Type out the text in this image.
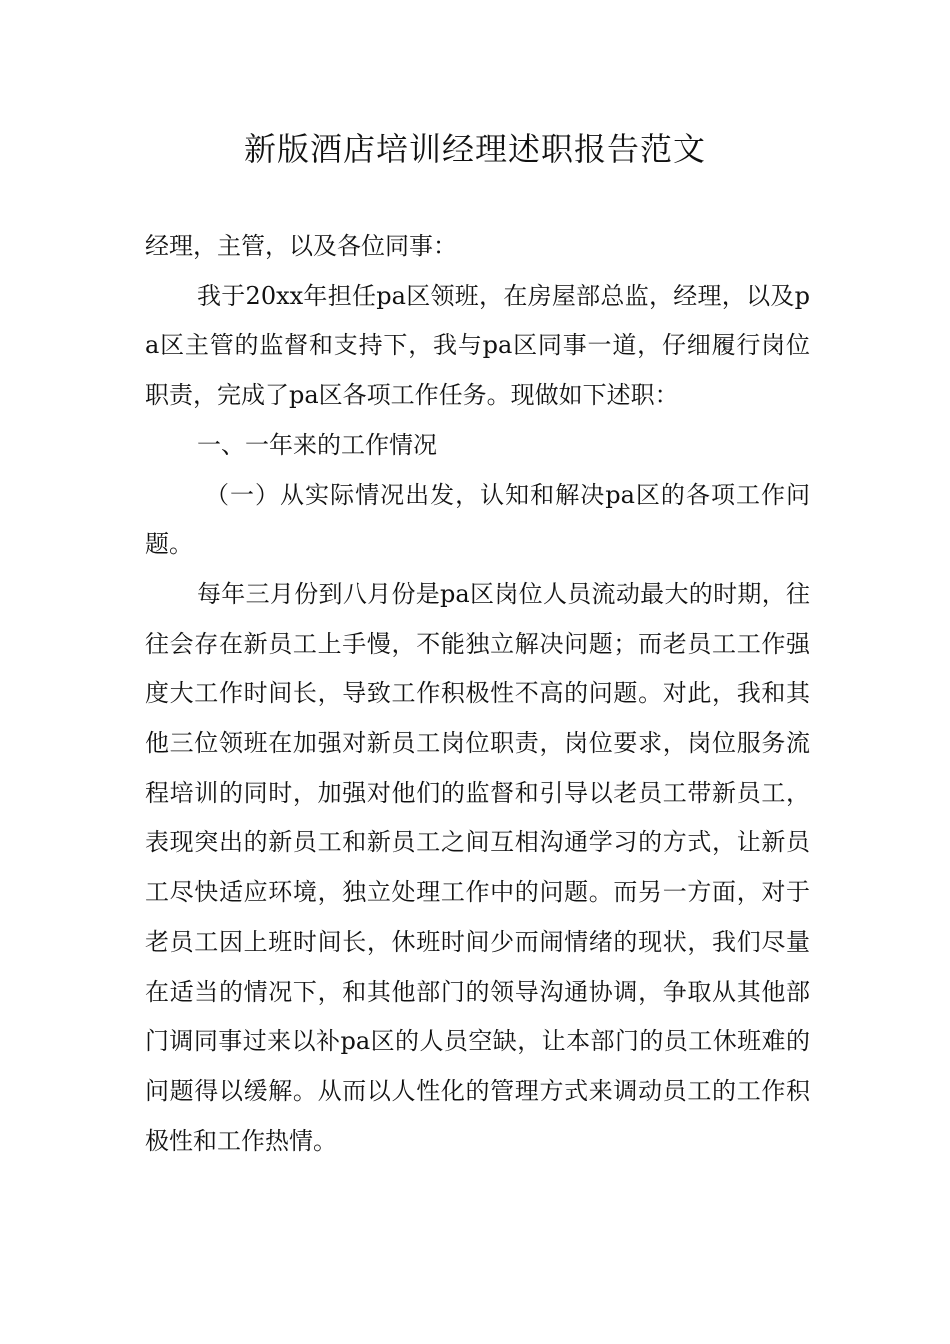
新版酒店培训经理述职报告范文

经理，主管，以及各位同事：

我于20xx年担任pa区领班，在房屋部总监，经理，以及pa区主管的监督和支持下，我与pa区同事一道，仔细履行岗位职责，完成了pa区各项工作任务。现做如下述职：

一、一年来的工作情况

（一）从实际情况出发，认知和解决pa区的各项工作问题。

每年三月份到八月份是pa区岗位人员流动最大的时期，往往会存在新员工上手慢，不能独立解决问题；而老员工工作强度大工作时间长，导致工作积极性不高的问题。对此，我和其他三位领班在加强对新员工岗位职责，岗位要求，岗位服务流程培训的同时，加强对他们的监督和引导以老员工带新员工，表现突出的新员工和新员工之间互相沟通学习的方式，让新员工尽快适应环境，独立处理工作中的问题。而另一方面，对于老员工因上班时间长，休班时间少而闹情绪的现状，我们尽量在适当的情况下，和其他部门的领导沟通协调，争取从其他部门调同事过来以补pa区的人员空缺，让本部门的员工休班难的问题得以缓解。从而以人性化的管理方式来调动员工的工作积极性和工作热情。
